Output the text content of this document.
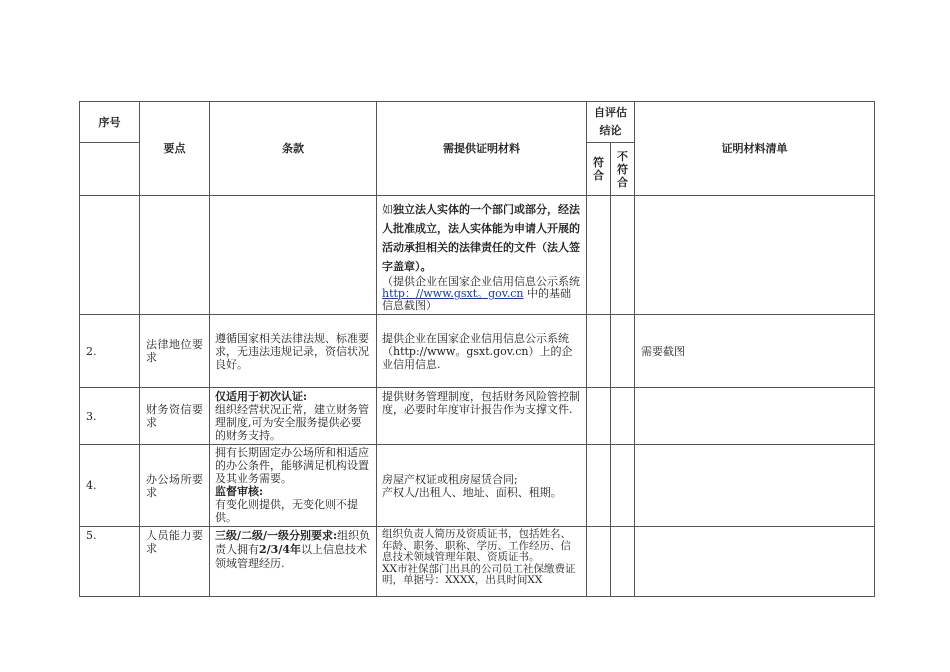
序号	要点	条款	需提供证明材料	自评估结论		证明材料清单
				符合	不符合	

			如独立法人实体的一个部门或部分，经法人批准成立，法人实体能为申请人开展的活动承担相关的法律责任的文件（法人签字盖章）。
（提供企业在国家企业信用信息公示系统 http：//www.gsxt。gov.cn 中的基础信息截图）			

2.	法律地位要求	遵循国家相关法律法规、标准要求，无违法违规记录，资信状况良好。	提供企业在国家企业信用信息公示系统（http://www。gsxt.gov.cn）上的企业信用信息.			需要截图
3.	财务资信要求	仅适用于初次认证:
组织经营状况正常，建立财务管理制度,可为安全服务提供必要的财务支持。	提供财务管理制度，包括财务风险管控制度，必要时年度审计报告作为支撑文件.			
4.	办公场所要求	拥有长期固定办公场所和相适应的办公条件，能够满足机构设置及其业务需要。
监督审核:
有变化则提供，无变化则不提供。	房屋产权证或租房屋赁合同;
产权人/出租人、地址、面积、租期。			

5.	人员能力要求	三级/二级/一级分别要求:组织负责人拥有2/3/4年以上信息技术领域管理经历.	组织负责人简历及资质证书，包括姓名、年龄、职务、职称、学历、工作经历、信息技术领域管理年限、资质证书。
XX市社保部门出具的公司员工社保缴费证明，单据号：XXXX，出具时间XX			
